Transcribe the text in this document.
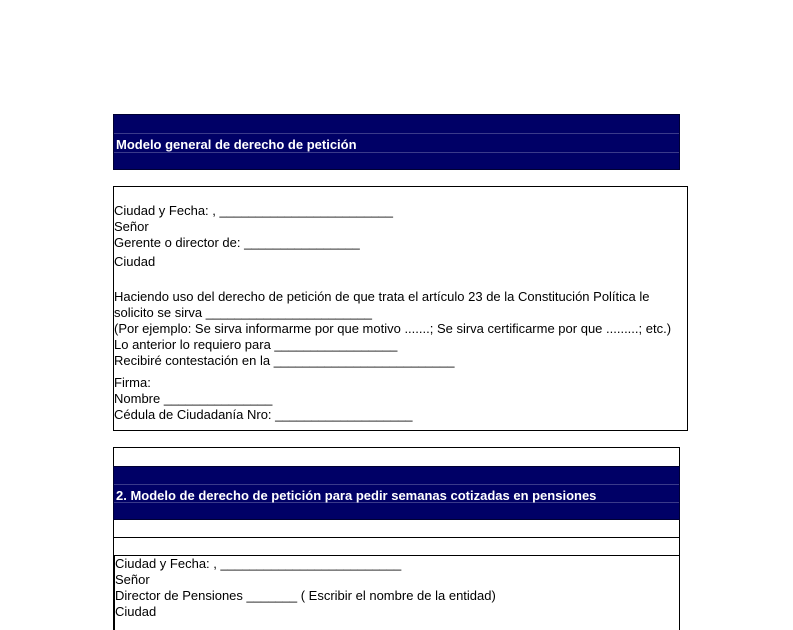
Modelo general de derecho de petición
Ciudad y Fecha: , ________________________
Señor
Gerente o director de: ________________
Ciudad
Haciendo uso del derecho de petición de que trata el artículo 23 de la Constitución Política le
solicito se sirva _______________________
(Por ejemplo: Se sirva informarme por que motivo .......; Se sirva certificarme por que .........; etc.)
Lo anterior lo requiero para _________________
Recibiré contestación en la _________________________
Firma:
Nombre _______________
Cédula de Ciudadanía Nro: ___________________
2. Modelo de derecho de petición para pedir semanas cotizadas en pensiones
Ciudad y Fecha: , _________________________
Señor
Director de Pensiones _______ ( Escribir el nombre de la entidad)
Ciudad
